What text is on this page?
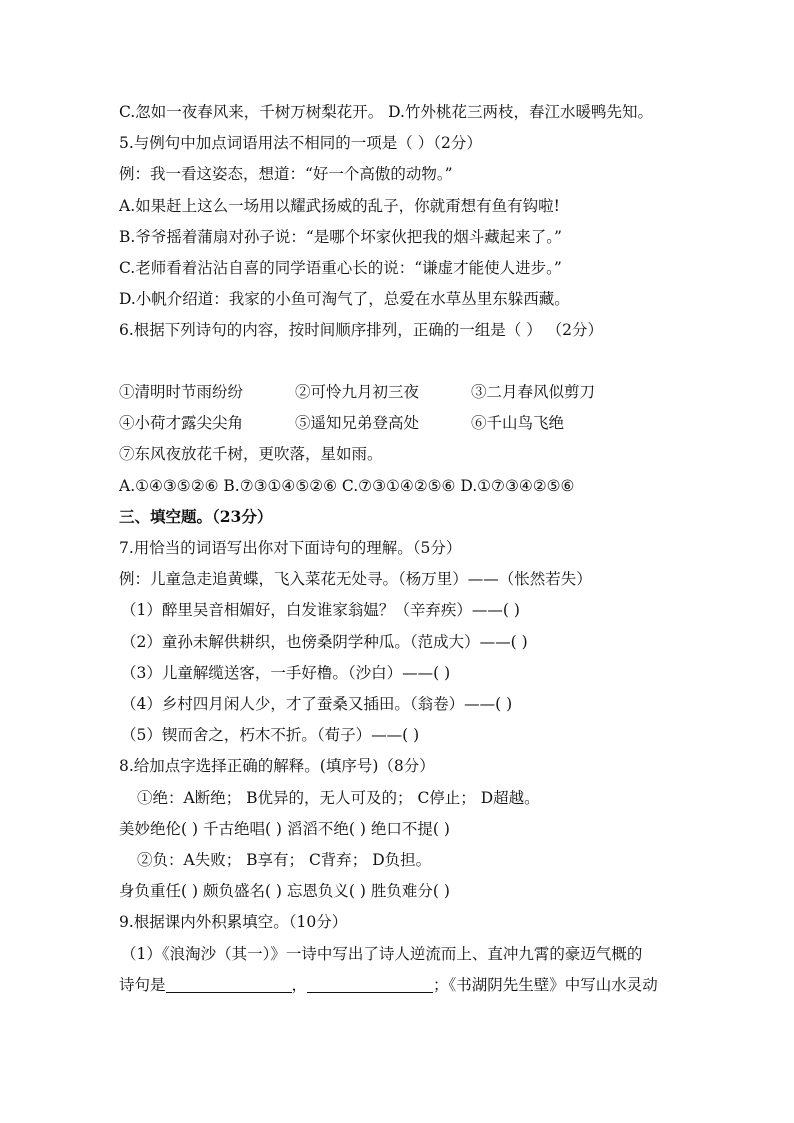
C.忽如一夜春风来，千树万树梨花开。 D.竹外桃花三两枝，春江水暖鸭先知。
5.与例句中加点词语用法不相同的一项是（ ）（2分）
例：我一看这姿态，想道：“好一个高傲的动物。”
A.如果赶上这么一场用以耀武扬威的乱子，你就甭想有鱼有钩啦!
B.爷爷摇着蒲扇对孙子说：“是哪个坏家伙把我的烟斗藏起来了。”
C.老师看着沾沾自喜的同学语重心长的说：“谦虚才能使人进步。”
D.小帆介绍道：我家的小鱼可淘气了，总爱在水草丛里东躲西藏。
6.根据下列诗句的内容，按时间顺序排列，正确的一组是（ ） （2分）
①清明时节雨纷纷	②可怜九月初三夜	③二月春风似剪刀
④小荷才露尖尖角	⑤遥知兄弟登高处	⑥千山鸟飞绝
⑦东风夜放花千树，更吹落，星如雨。
A.①④③⑤②⑥ B.⑦③①④⑤②⑥ C.⑦③①④②⑤⑥ D.①⑦③④②⑤⑥
三、填空题。（23分）
7.用恰当的词语写出你对下面诗句的理解。（5分）
例：儿童急走追黄蝶，飞入菜花无处寻。（杨万里）——（怅然若失）
（1）醉里吴音相媚好，白发谁家翁媪？（辛弃疾）——( )
（2）童孙未解供耕织，也傍桑阴学种瓜。（范成大）——( )
（3）儿童解缆送客，一手好橹。（沙白）——( )
（4）乡村四月闲人少，才了蚕桑又插田。（翁卷）——( )
（5）锲而舍之，朽木不折。（荀子）——( )
8.给加点字选择正确的解释。(填序号)（8分）
①绝：A断绝； B优异的，无人可及的； C停止； D超越。
美妙绝伦( ) 千古绝唱( ) 滔滔不绝( ) 绝口不提( )
②负：A失败； B享有； C背弃； D负担。
身负重任( ) 颇负盛名( ) 忘恩负义( ) 胜负难分( )
9.根据课内外积累填空。（10分）
（1）《浪淘沙（其一）》一诗中写出了诗人逆流而上、直冲九霄的豪迈气概的
诗句是	，	；《书湖阴先生壁》中写山水灵动
